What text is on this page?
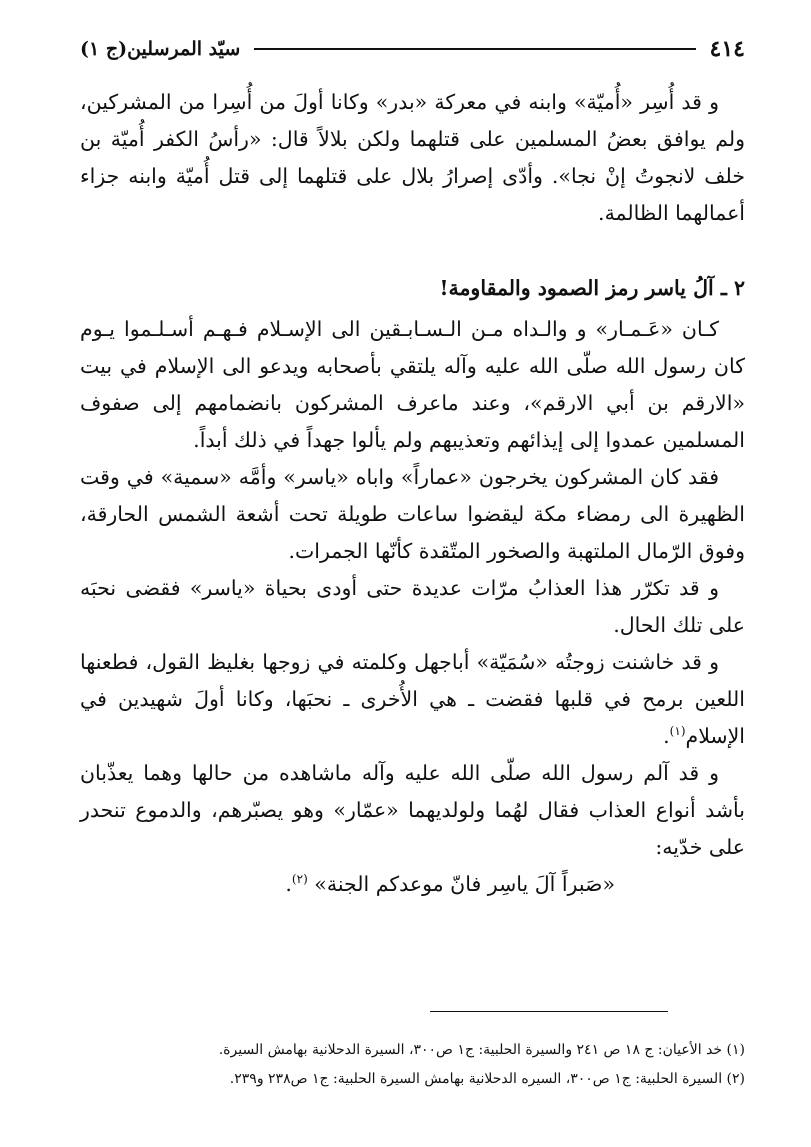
٤١٤
سيّد المرسلين(ج ١)

و قد أُسِر «أُميّة» وابنه في معركة «بدر» وكانا أولَ من أُسِرا من المشركين، ولم يوافق بعضُ المسلمين على قتلهما ولكن بلالاً قال: «رأسُ الكفر أُميّة بن خلف لانجوتُ إنْ نجا». وأدّى إصرارُ بلال على قتلهما إلى قتل أُميّة وابنه جزاء أعمالهما الظالمة.

٢ ـ آلُ ياسر رمز الصمود والمقاومة!

كـان «عَـمـار» و والـداه مـن الـسـابـقين الى الإسـلام فـهـم أسـلـموا يـوم كان رسول الله صلّى الله عليه وآله يلتقي بأصحابه ويدعو الى الإسلام في بيت «الارقم بن أبي الارقم»، وعند ماعرف المشركون بانضمامهم إلى صفوف المسلمين عمدوا إلى إيذائهم وتعذيبهم ولم يألوا جهداً في ذلك أبداً.

فقد كان المشركون يخرجون «عماراً» واباه «ياسر» وأمَّه «سمية» في وقت الظهيرة الى رمضاء مكة ليقضوا ساعات طويلة تحت أشعة الشمس الحارقة، وفوق الرّمال الملتهبة والصخور المتّقدة كأنّها الجمرات.

و قد تكرّر هذا العذابُ مرّات عديدة حتى أودى بحياة «ياسر» فقضى نحبَه على تلك الحال.

و قد خاشنت زوجتُه «سُمَيّة» أباجهل وكلمته في زوجها بغليظ القول، فطعنها اللعين برمح في قلبها فقضت ـ هي الأُخرى ـ نحبَها، وكانا أولَ شهيدين في الإسلام$^{(١)}$.

و قد آلم رسول الله صلّى الله عليه وآله ماشاهده من حالها وهما يعذّبان بأشد أنواع العذاب فقال لهُما ولولديهما «عمّار» وهو يصبّرهم، والدموع تنحدر على خدّيه:

«صَبراً آلَ ياسِر فانّ موعدكم الجنة» $^{(٢)}$.

(١) خد الأعيان: ج ١٨ ص ٢٤١ والسيرة الحلبية: ج١ ص٣٠٠، السيرة الدحلانية بهامش السيرة.

(٢) السيرة الحلبية: ج١ ص٣٠٠، السيره الدحلانية بهامش السيرة الحلبية: ج١ ص٢٣٨ و٢٣٩.
